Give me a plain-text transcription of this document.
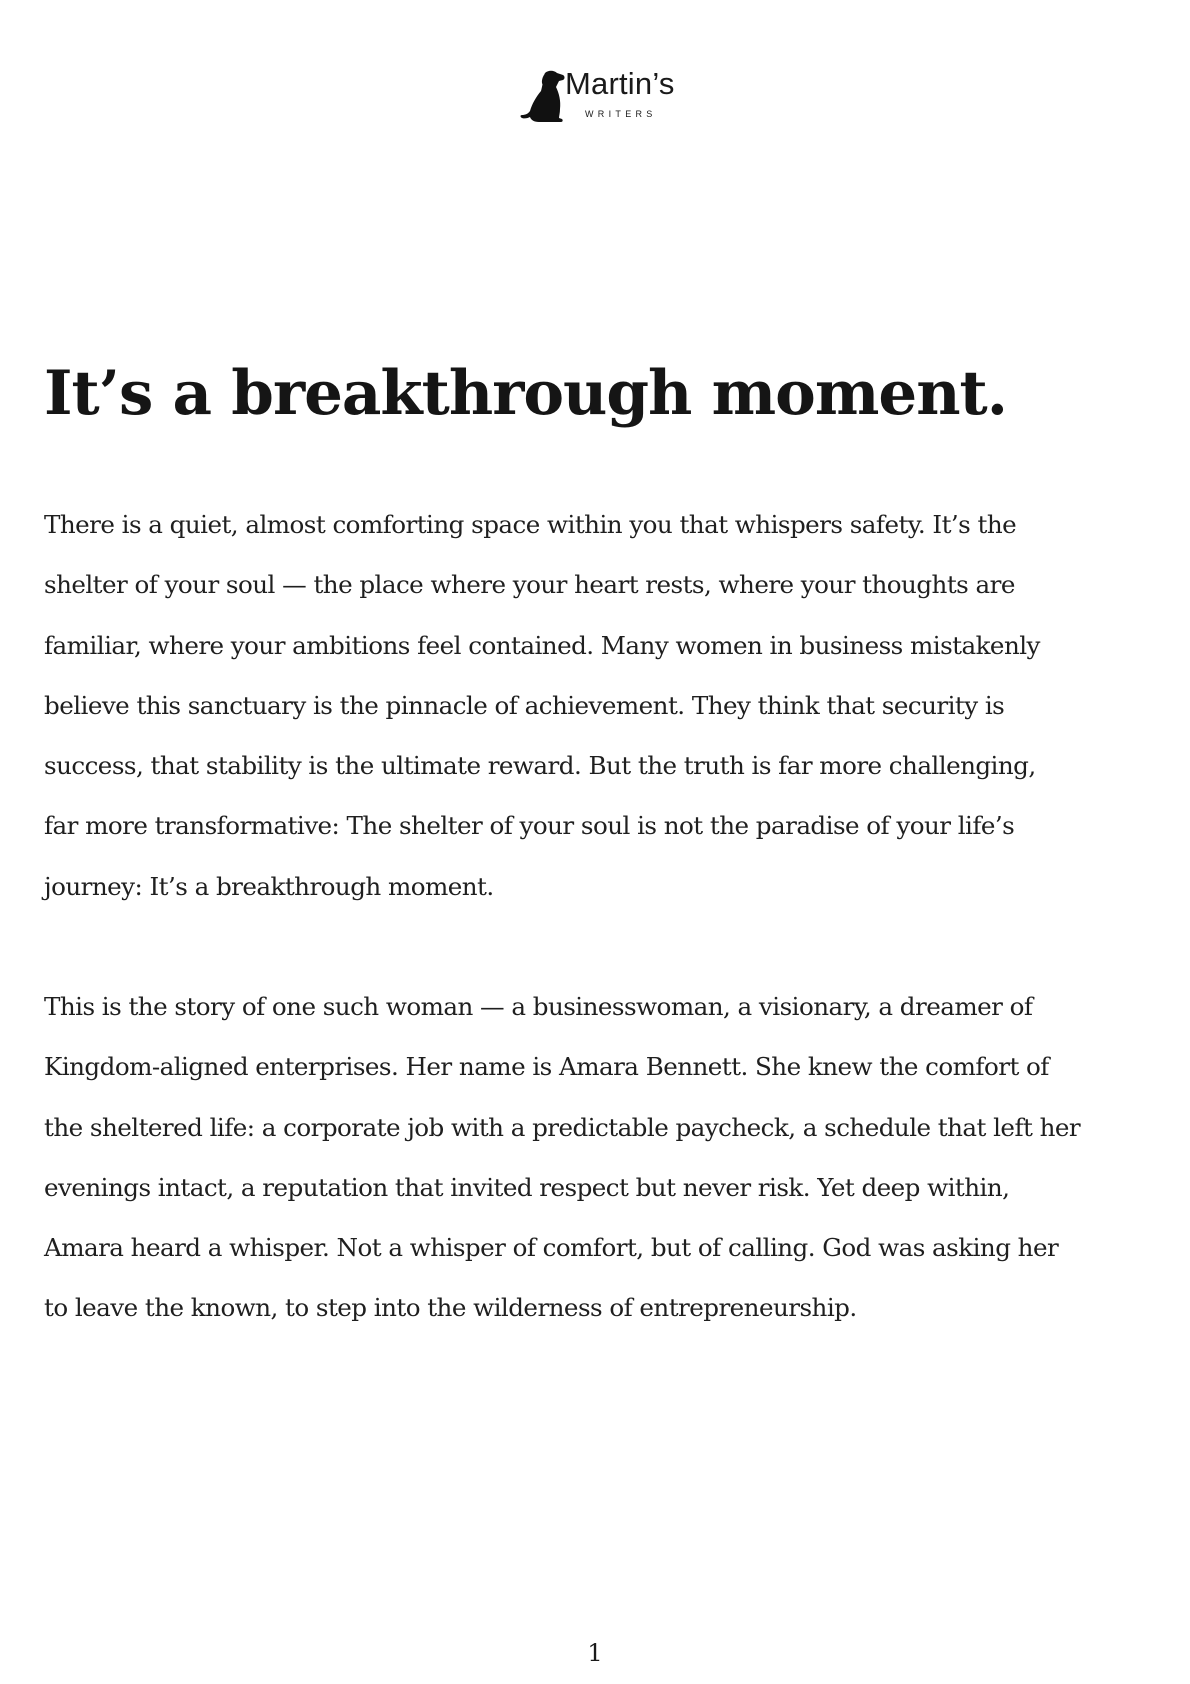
Martin’s
WRITERS
It’s a breakthrough moment.

There is a quiet, almost comforting space within you that whispers safety. It’s the
shelter of your soul — the place where your heart rests, where your thoughts are
familiar, where your ambitions feel contained. Many women in business mistakenly
believe this sanctuary is the pinnacle of achievement. They think that security is
success, that stability is the ultimate reward. But the truth is far more challenging,
far more transformative: The shelter of your soul is not the paradise of your life’s
journey: It’s a breakthrough moment.

This is the story of one such woman — a businesswoman, a visionary, a dreamer of
Kingdom-aligned enterprises. Her name is Amara Bennett. She knew the comfort of
the sheltered life: a corporate job with a predictable paycheck, a schedule that left her
evenings intact, a reputation that invited respect but never risk. Yet deep within,
Amara heard a whisper. Not a whisper of comfort, but of calling. God was asking her
to leave the known, to step into the wilderness of entrepreneurship.

1
